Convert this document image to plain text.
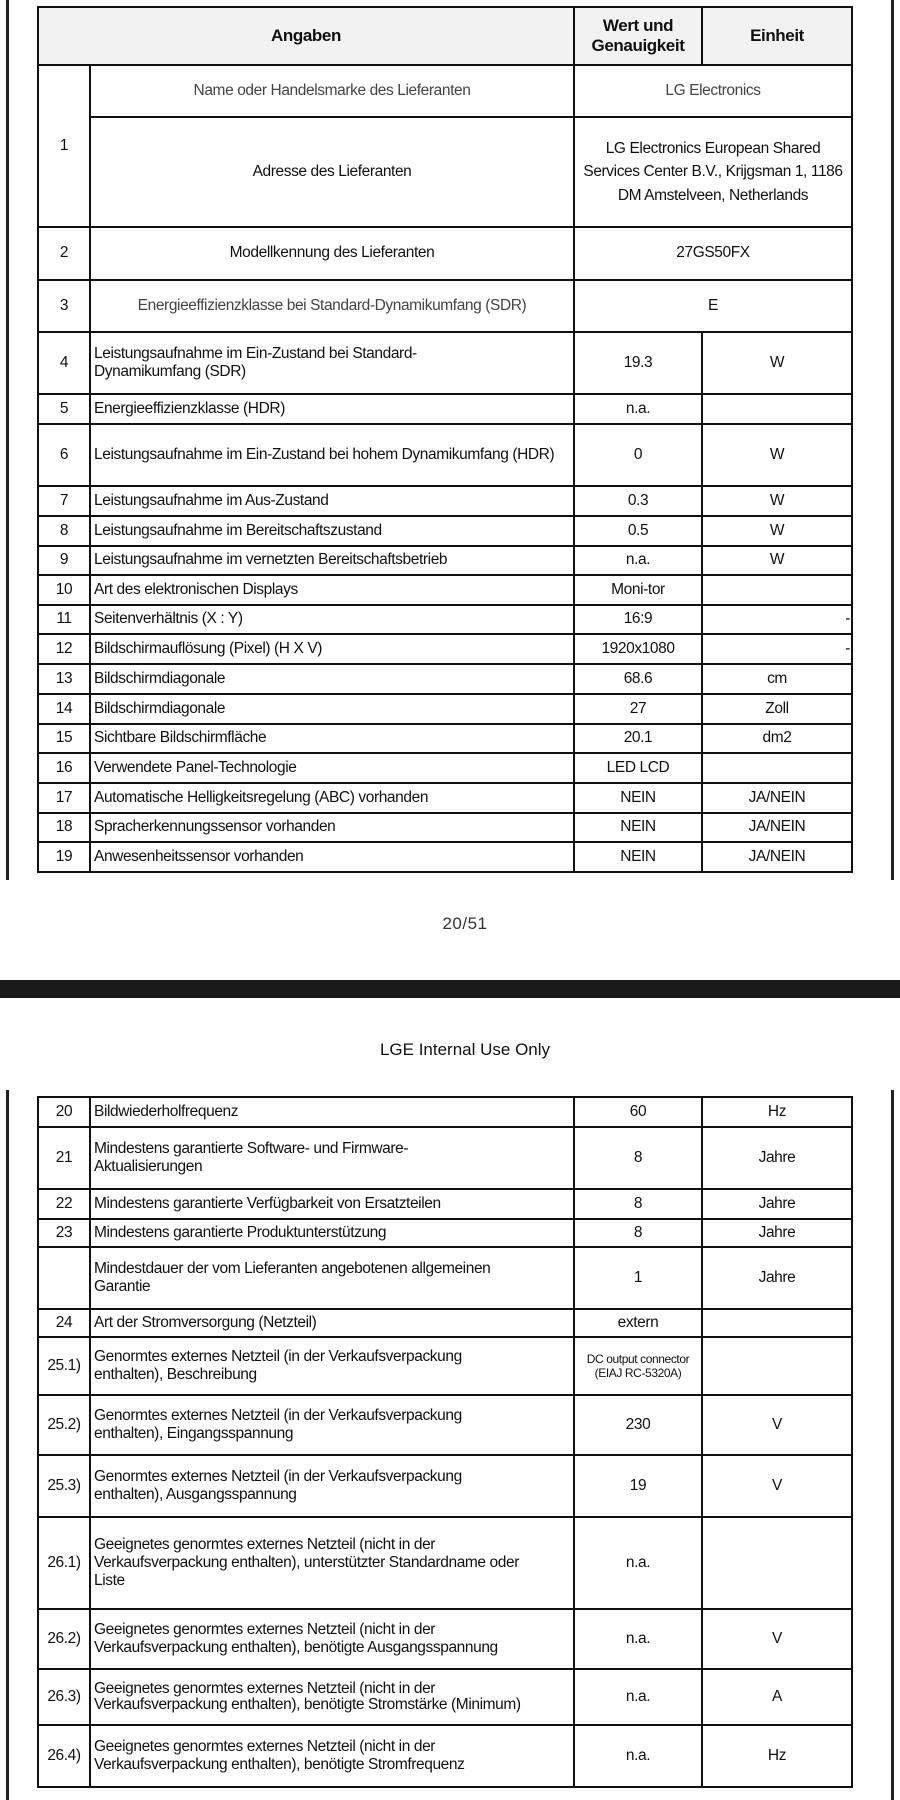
Angaben		Wert und Genauigkeit	Einheit
1	Name oder Handelsmarke des Lieferanten	LG Electronics	
	Adresse des Lieferanten	LG Electronics European Shared Services Center B.V., Krijgsman 1, 1186 DM Amstelveen, Netherlands	
2	Modellkennung des Lieferanten	27GS50FX	
3	Energieeffizienzklasse bei Standard-Dynamikumfang (SDR)	E	
4	Leistungsaufnahme im Ein-Zustand bei Standard-Dynamikumfang (SDR)	19.3	W
5	Energieeffizienzklasse (HDR)	n.a.	
6	Leistungsaufnahme im Ein-Zustand bei hohem Dynamikumfang (HDR)	0	W
7	Leistungsaufnahme im Aus-Zustand	0.3	W
8	Leistungsaufnahme im Bereitschaftszustand	0.5	W
9	Leistungsaufnahme im vernetzten Bereitschaftsbetrieb	n.a.	W
10	Art des elektronischen Displays	Moni-tor	
11	Seitenverhältnis (X : Y)	16:9	-
12	Bildschirmauflösung (Pixel) (H X V)	1920x1080	-
13	Bildschirmdiagonale	68.6	cm
14	Bildschirmdiagonale	27	Zoll
15	Sichtbare Bildschirmfläche	20.1	dm2
16	Verwendete Panel-Technologie	LED LCD	
17	Automatische Helligkeitsregelung (ABC) vorhanden	NEIN	JA/NEIN
18	Spracherkennungssensor vorhanden	NEIN	JA/NEIN
19	Anwesenheitssensor vorhanden	NEIN	JA/NEIN
20/51
LGE Internal Use Only
20	Bildwiederholfrequenz	60	Hz
21	Mindestens garantierte Software- und Firmware-Aktualisierungen	8	Jahre
22	Mindestens garantierte Verfügbarkeit von Ersatzteilen	8	Jahre
23	Mindestens garantierte Produktunterstützung	8	Jahre
	Mindestdauer der vom Lieferanten angebotenen allgemeinen Garantie	1	Jahre
24	Art der Stromversorgung (Netzteil)	extern	
25.1)	Genormtes externes Netzteil (in der Verkaufsverpackung enthalten), Beschreibung	DC output connector (EIAJ RC-5320A)	
25.2)	Genormtes externes Netzteil (in der Verkaufsverpackung enthalten), Eingangsspannung	230	V
25.3)	Genormtes externes Netzteil (in der Verkaufsverpackung enthalten), Ausgangsspannung	19	V
26.1)	Geeignetes genormtes externes Netzteil (nicht in der Verkaufsverpackung enthalten), unterstützter Standardname oder Liste	n.a.	
26.2)	Geeignetes genormtes externes Netzteil (nicht in der Verkaufsverpackung enthalten), benötigte Ausgangsspannung	n.a.	V
26.3)	Geeignetes genormtes externes Netzteil (nicht in der Verkaufsverpackung enthalten), benötigte Stromstärke (Minimum)	n.a.	A
26.4)	Geeignetes genormtes externes Netzteil (nicht in der Verkaufsverpackung enthalten), benötigte Stromfrequenz	n.a.	Hz
